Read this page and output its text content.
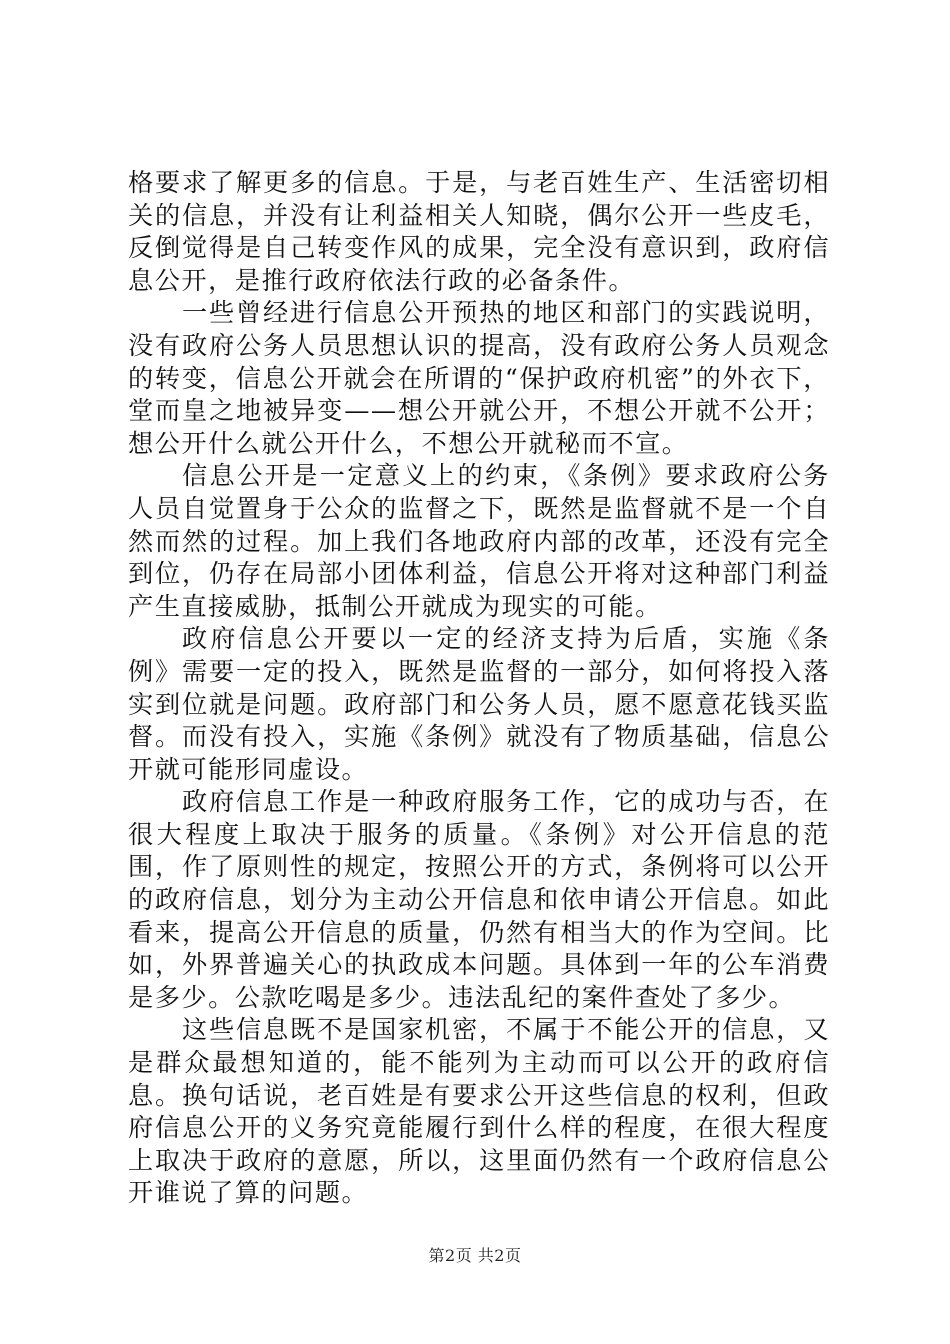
格要求了解更多的信息。于是，与老百姓生产、生活密切相关的信息，并没有让利益相关人知晓，偶尔公开一些皮毛，反倒觉得是自己转变作风的成果，完全没有意识到，政府信息公开，是推行政府依法行政的必备条件。

一些曾经进行信息公开预热的地区和部门的实践说明，没有政府公务人员思想认识的提高，没有政府公务人员观念的转变，信息公开就会在所谓的“保护政府机密”的外衣下，堂而皇之地被异变——想公开就公开，不想公开就不公开；想公开什么就公开什么，不想公开就秘而不宣。

信息公开是一定意义上的约束，《条例》要求政府公务人员自觉置身于公众的监督之下，既然是监督就不是一个自然而然的过程。加上我们各地政府内部的改革，还没有完全到位，仍存在局部小团体利益，信息公开将对这种部门利益产生直接威胁，抵制公开就成为现实的可能。

政府信息公开要以一定的经济支持为后盾，实施《条例》需要一定的投入，既然是监督的一部分，如何将投入落实到位就是问题。政府部门和公务人员，愿不愿意花钱买监督。而没有投入，实施《条例》就没有了物质基础，信息公开就可能形同虚设。

政府信息工作是一种政府服务工作，它的成功与否，在很大程度上取决于服务的质量。《条例》对公开信息的范围，作了原则性的规定，按照公开的方式，条例将可以公开的政府信息，划分为主动公开信息和依申请公开信息。如此看来，提高公开信息的质量，仍然有相当大的作为空间。比如，外界普遍关心的执政成本问题。具体到一年的公车消费是多少。公款吃喝是多少。违法乱纪的案件查处了多少。

这些信息既不是国家机密，不属于不能公开的信息，又是群众最想知道的，能不能列为主动而可以公开的政府信息。换句话说，老百姓是有要求公开这些信息的权利，但政府信息公开的义务究竟能履行到什么样的程度，在很大程度上取决于政府的意愿，所以，这里面仍然有一个政府信息公开谁说了算的问题。

第2页 共2页
